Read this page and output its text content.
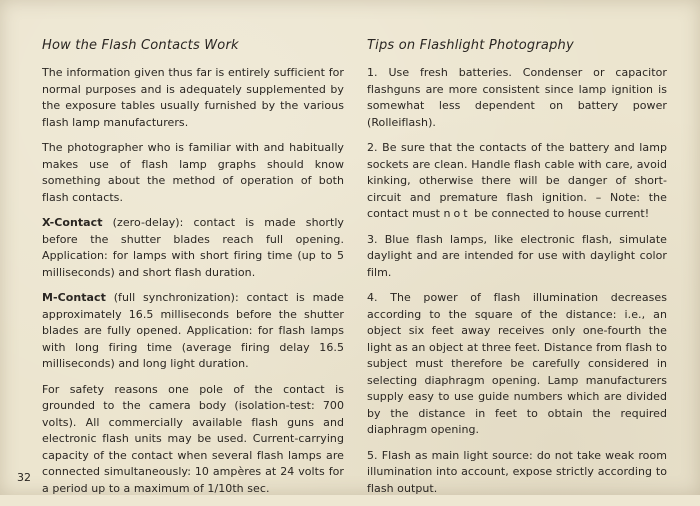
How the Flash Contacts Work

The information given thus far is entirely sufficient for normal purposes and is adequately supplemented by the exposure tables usually furnished by the various flash lamp manufacturers.

The photographer who is familiar with and habitually makes use of flash lamp graphs should know something about the method of operation of both flash contacts.

X-Contact (zero-delay): contact is made shortly before the shutter blades reach full opening. Application: for lamps with short firing time (up to 5 milliseconds) and short flash duration.

M-Contact (full synchronization): contact is made approximately 16.5 milliseconds before the shutter blades are fully opened. Application: for flash lamps with long firing time (average firing delay 16.5 milliseconds) and long light duration.

For safety reasons one pole of the contact is grounded to the camera body (isolation-test: 700 volts). All commercially available flash guns and electronic flash units may be used. Current-carrying capacity of the contact when several flash lamps are connected simultaneously: 10 ampères at 24 volts for a period up to a maximum of 1/10th sec.

Tips on Flashlight Photography

1. Use fresh batteries. Condenser or capacitor flashguns are more consistent since lamp ignition is somewhat less dependent on battery power (Rolleiflash).

2. Be sure that the contacts of the battery and lamp sockets are clean. Handle flash cable with care, avoid kinking, otherwise there will be danger of short-circuit and premature flash ignition. – Note: the contact must not be connected to house current!

3. Blue flash lamps, like electronic flash, simulate daylight and are intended for use with daylight color film.

4. The power of flash illumination decreases according to the square of the distance: i.e., an object six feet away receives only one-fourth the light as an object at three feet. Distance from flash to subject must therefore be carefully considered in selecting diaphragm opening. Lamp manufacturers supply easy to use guide numbers which are divided by the distance in feet to obtain the required diaphragm opening.

5. Flash as main light source: do not take weak room illumination into account, expose strictly according to flash output.

32
